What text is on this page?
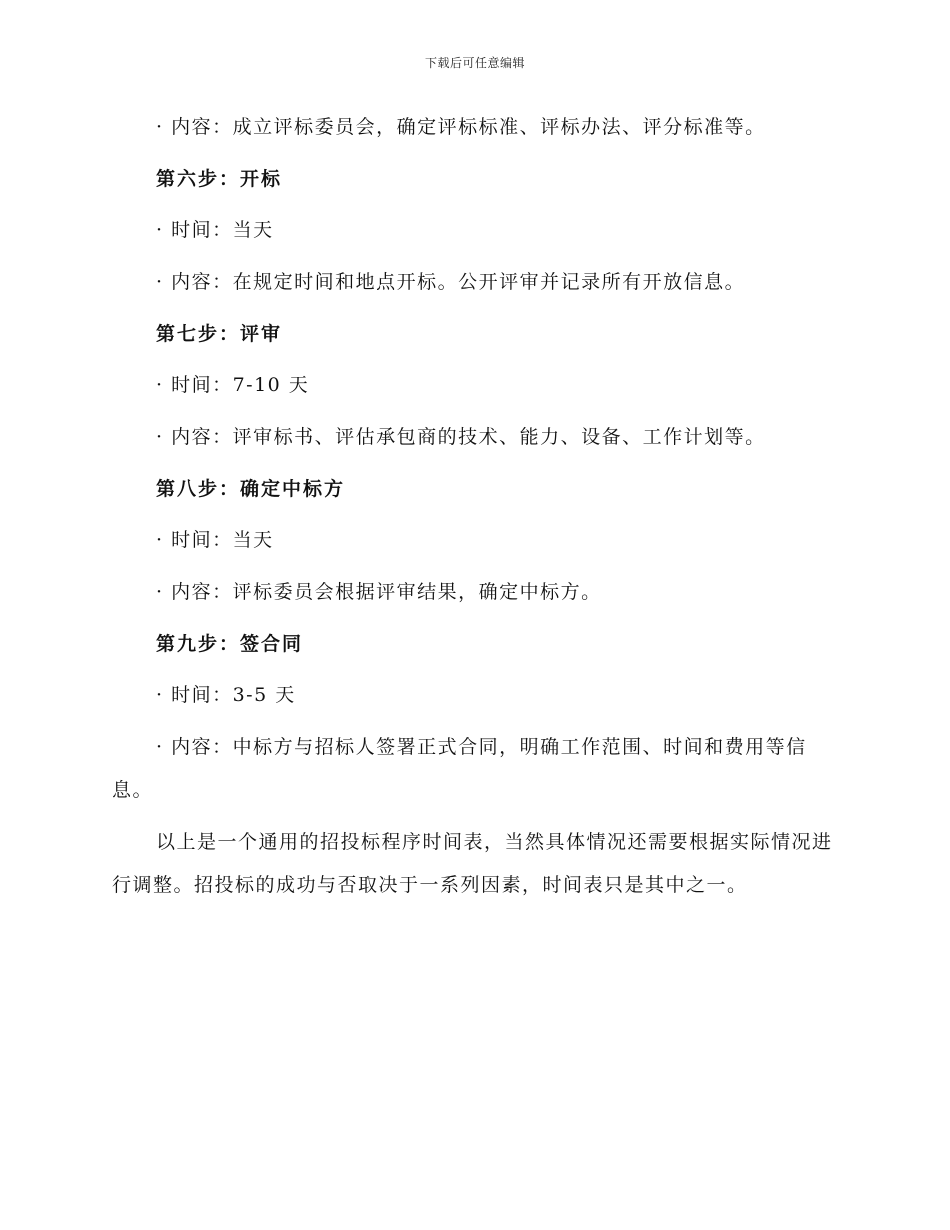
下载后可任意编辑
· 内容：成立评标委员会，确定评标标准、评标办法、评分标准等。
第六步：开标
· 时间：当天
· 内容：在规定时间和地点开标。公开评审并记录所有开放信息。
第七步：评审
· 时间：7-10 天
· 内容：评审标书、评估承包商的技术、能力、设备、工作计划等。
第八步：确定中标方
· 时间：当天
· 内容：评标委员会根据评审结果，确定中标方。
第九步：签合同
· 时间：3-5 天
· 内容：中标方与招标人签署正式合同，明确工作范围、时间和费用等信息。
以上是一个通用的招投标程序时间表，当然具体情况还需要根据实际情况进行调整。招投标的成功与否取决于一系列因素，时间表只是其中之一。
